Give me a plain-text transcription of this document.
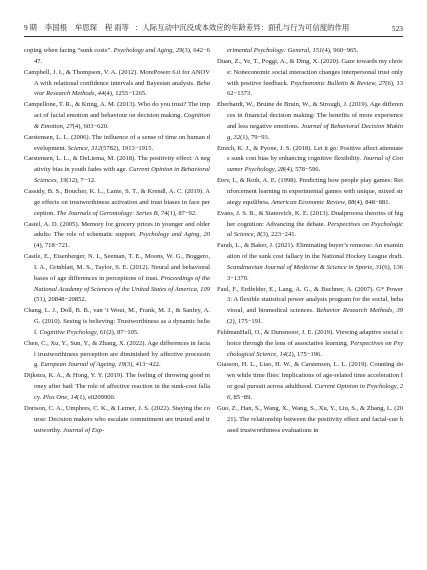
9 期 李国根 牟思琛 程 雨等 ：人际互动中沉没成本效应的年龄差异：面孔与行为可信度的作用	523

coping when facing “sunk costs”. Psychology and Aging, 29(3), 642−647.

Campbell, J. I., & Thompson, V. A. (2012). MorePower 6.0 for ANOVA with relational confidence intervals and Bayesian analysis. Behavior Research Methods, 44(4), 1255−1265.

Campellone, T. R., & Kring, A. M. (2013). Who do you trust? The impact of facial emotion and behaviour on decision making. Cognition & Emotion, 27(4), 603−620.

Carstensen, L. L. (2006). The influence of a sense of time on human development. Science, 312(5782), 1913−1915.

Carstensen, L. L., & DeLiema, M. (2018). The positivity effect: A negativity bias in youth fades with age. Current Opinion in Behavioral Sciences, 19(12), 7−12.

Cassidy, B. S., Boucher, K. L., Lanie, S. T., & Krendl, A. C. (2019). Age effects on trustworthiness activation and trust biases in face perception. The Journals of Gerontology: Series B, 74(1), 87−92.

Castel, A. D. (2005). Memory for grocery prices in younger and older adults: The role of schematic support. Psychology and Aging, 20(4), 718−721.

Castle, E., Eisenberger, N. I., Seeman, T. E., Moons, W. G., Boggero, I. A., Grinblatt, M. S., Taylor, S. E. (2012). Neural and behavioral bases of age differences in perceptions of trust. Proceedings of the National Academy of Sciences of the United States of America, 109(51), 20848−20852.

Chang, L. J., Doll, B. B., van ’t Wout, M., Frank, M. J., & Sanfey, A. G. (2010). Seeing is believing: Trustworthiness as a dynamic belief. Cognitive Psychology, 61(2), 87−105.

Chen, C., Xu, Y., Sun, Y., & Zhang, X. (2022). Age differences in facial trustworthiness perception are diminished by affective processing. European Journal of Ageing, 19(3), 413−422.

Dijkstra, K. A., & Hong, Y. Y. (2019). The feeling of throwing good money after bad: The role of affective reaction in the sunk-cost fallacy. Plos One, 14(1), e0209900.

Dorison, C. A., Umphres, C. K., & Lerner, J. S. (2022). Staying the course: Decision makers who escalate commitment are trusted and trustworthy. Journal of Exp-

erimental Psychology: General, 151(4), 960−965.

Duan, Z., Ye, T., Poggi, A., & Ding, X. (2020). Gaze towards my choice: Noneconomic social interaction changes interpersonal trust only with positive feedback. Psychonomic Bulletin & Review, 27(6), 1362−1373.

Eberhardt, W., Bruine de Bruin, W., & Strough, J. (2019). Age differences in financial decision making: The benefits of more experience and less negative emotions. Journal of Behavioral Decision Making, 32(1), 79−93.

Emich, K. J., & Pyone, J. S. (2018). Let it go: Positive affect attenuates sunk cost bias by enhancing cognitive flexibility. Journal of Consumer Psychology, 28(4), 578−596.

Erev, I., & Roth, A. E. (1998). Predicting how people play games: Reinforcement learning in experimental games with unique, mixed strategy equilibria. American Economic Review, 88(4), 848−881.

Evans, J. S. B., & Stanovich, K. E. (2013). Dualprocess theories of higher cognition: Advancing the debate. Perspectives on Psychological Science, 8(3), 223−241.

Farah, L., & Baker, J. (2021). Eliminating buyer’s remorse: An examination of the sunk cost fallacy in the National Hockey League draft. Scandinavian Journal of Medicine & Science in Sports, 31(6), 1363−1370.

Faul, F., Erdfelder, E., Lang, A. G., & Buchner, A. (2007). G* Power 3: A flexible statistical power analysis program for the social, behavioral, and biomedical sciences. Behavior Research Methods, 39(2), 175−191.

FeldmanHall, O., & Dunsmoor, J. E. (2019). Viewing adaptive social choice through the lens of associative learning. Perspectives on Psychological Science, 14(2), 175−196.

Giasson, H. L., Liao, H. W., & Carstensen, L. L. (2019). Counting down while time flies: Implications of age-related time acceleration for goal pursuit across adulthood. Current Opinion in Psychology, 26, 85−89.

Guo, Z., Han, S., Wang, X., Wang, S., Xu, Y., Liu, S., & Zhang, L. (2021). The relationship between the positivity effect and facial-cue based trustworthiness evaluations in
